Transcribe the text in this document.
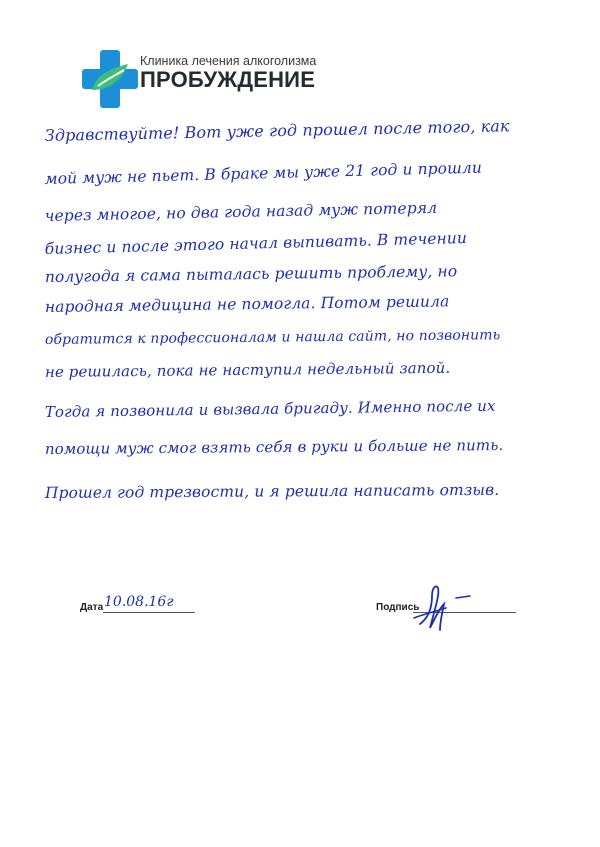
Клиника лечения алкоголизма
ПРОБУЖДЕНИЕ
Здравствуйте! Вот уже год прошел после того, как
мой муж не пьет. В браке мы уже 21 год и прошли
через многое, но два года назад муж потерял
бизнес и после этого начал выпивать. В течении
полугода я сама пыталась решить проблему, но
народная медицина не помогла. Потом решила
обратится к профессионалам и нашла сайт, но позвонить
не решилась, пока не наступил недельный запой.
Тогда я позвонила и вызвала бригаду. Именно после их
помощи муж смог взять себя в руки и больше не пить.
Прошел год трезвости, и я решила написать отзыв.
Дата 10.08.16г	Подпись
